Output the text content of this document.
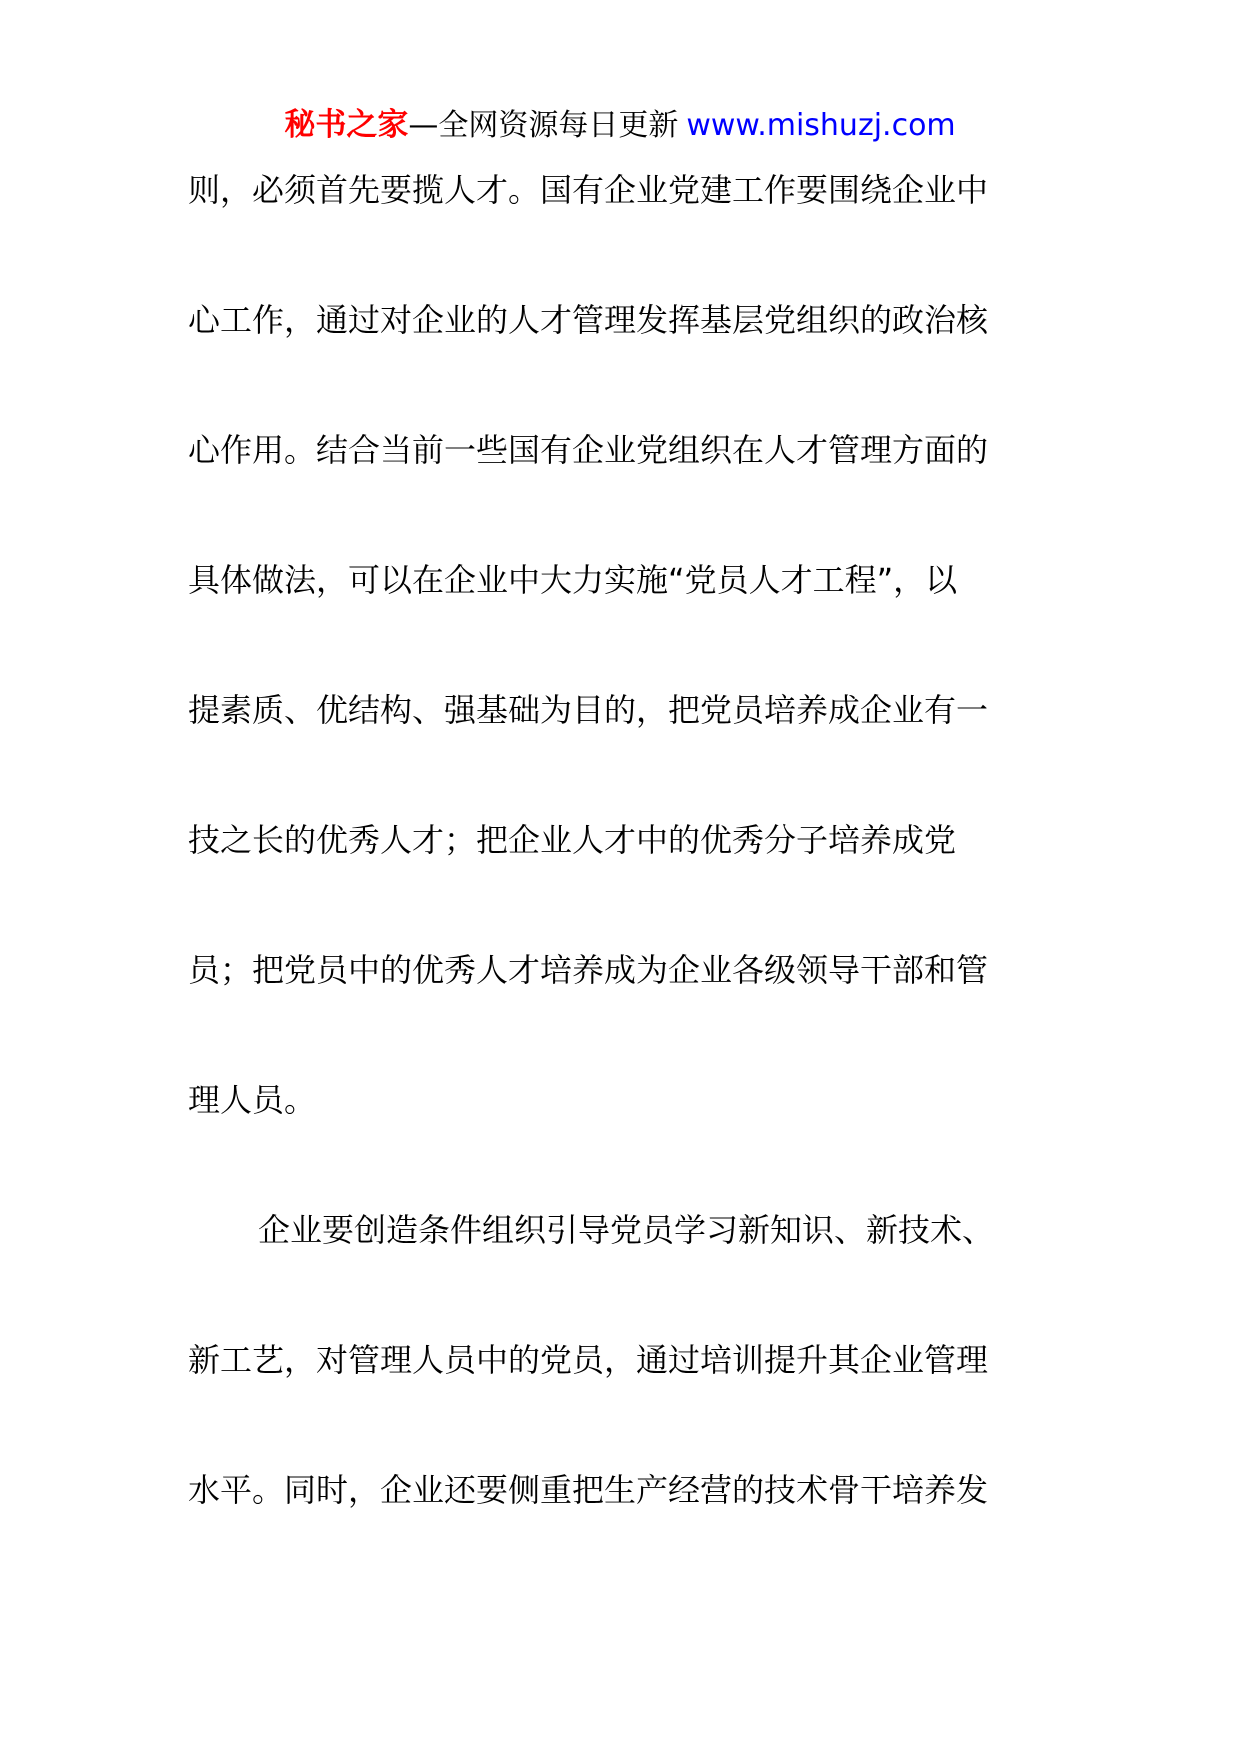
秘书之家—全网资源每日更新 www.mishuzj.com
则，必须首先要揽人才。国有企业党建工作要围绕企业中
心工作，通过对企业的人才管理发挥基层党组织的政治核
心作用。结合当前一些国有企业党组织在人才管理方面的
具体做法，可以在企业中大力实施“党员人才工程”，以
提素质、优结构、强基础为目的，把党员培养成企业有一
技之长的优秀人才；把企业人才中的优秀分子培养成党
员；把党员中的优秀人才培养成为企业各级领导干部和管
理人员。
企业要创造条件组织引导党员学习新知识、新技术、
新工艺，对管理人员中的党员，通过培训提升其企业管理
水平。同时，企业还要侧重把生产经营的技术骨干培养发
